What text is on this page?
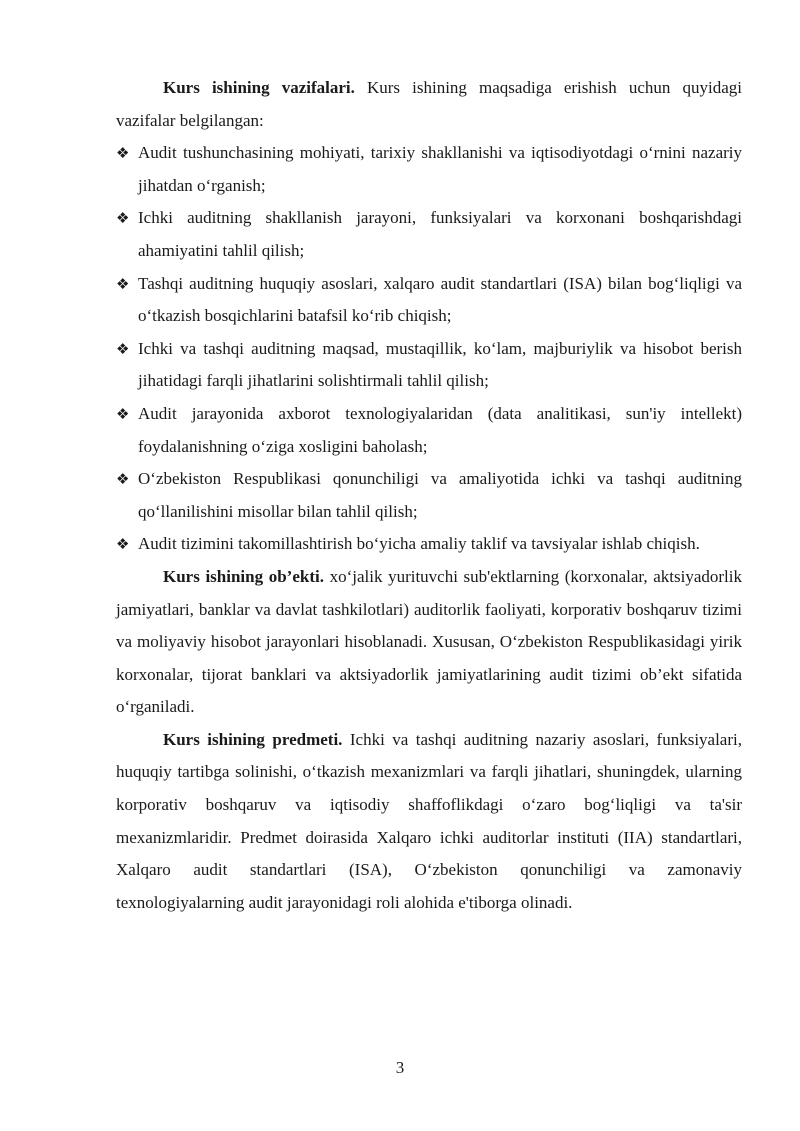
Kurs ishining vazifalari. Kurs ishining maqsadiga erishish uchun quyidagi vazifalar belgilangan:

❖ Audit tushunchasining mohiyati, tarixiy shakllanishi va iqtisodiyotdagi o‘rnini nazariy jihatdan o‘rganish;
❖ Ichki auditning shakllanish jarayoni, funksiyalari va korxonani boshqarishdagi ahamiyatini tahlil qilish;
❖ Tashqi auditning huquqiy asoslari, xalqaro audit standartlari (ISA) bilan bog‘liqligi va o‘tkazish bosqichlarini batafsil ko‘rib chiqish;
❖ Ichki va tashqi auditning maqsad, mustaqillik, ko‘lam, majburiylik va hisobot berish jihatidagi farqli jihatlarini solishtirmali tahlil qilish;
❖ Audit jarayonida axborot texnologiyalaridan (data analitikasi, sun'iy intellekt) foydalanishning o‘ziga xosligini baholash;
❖ O‘zbekiston Respublikasi qonunchiligi va amaliyotida ichki va tashqi auditning qo‘llanilishini misollar bilan tahlil qilish;
❖ Audit tizimini takomillashtirish bo‘yicha amaliy taklif va tavsiyalar ishlab chiqish.

Kurs ishining ob’ekti. xo‘jalik yurituvchi sub'ektlarning (korxonalar, aktsiyadorlik jamiyatlari, banklar va davlat tashkilotlari) auditorlik faoliyati, korporativ boshqaruv tizimi va moliyaviy hisobot jarayonlari hisoblanadi. Xususan, O‘zbekiston Respublikasidagi yirik korxonalar, tijorat banklari va aktsiyadorlik jamiyatlarining audit tizimi ob’ekt sifatida o‘rganiladi.

Kurs ishining predmeti. Ichki va tashqi auditning nazariy asoslari, funksiyalari, huquqiy tartibga solinishi, o‘tkazish mexanizmlari va farqli jihatlari, shuningdek, ularning korporativ boshqaruv va iqtisodiy shaffoflikdagi o‘zaro bog‘liqligi va ta'sir mexanizmlaridir. Predmet doirasida Xalqaro ichki auditorlar instituti (IIA) standartlari, Xalqaro audit standartlari (ISA), O‘zbekiston qonunchiligi va zamonaviy texnologiyalarning audit jarayonidagi roli alohida e'tiborga olinadi.

3
